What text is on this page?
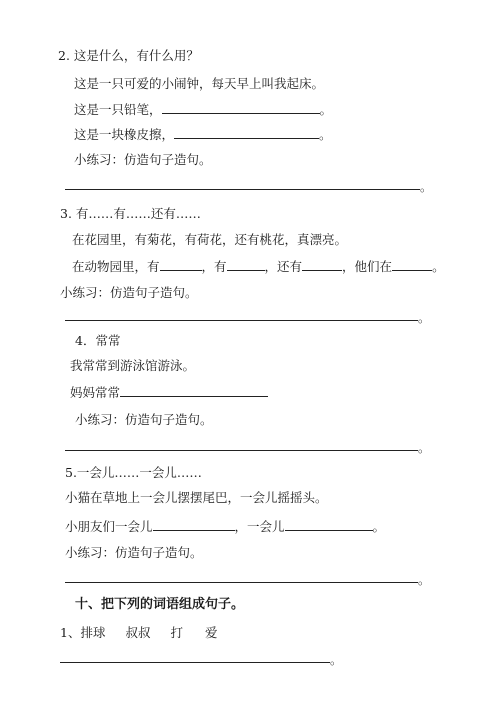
2. 这是什么，有什么用？
这是一只可爱的小闹钟，每天早上叫我起床。
这是一只铅笔，	。
这是一块橡皮擦，	。
小练习：仿造句子造句。
。
3. 有……有……还有……
在花园里，有菊花，有荷花，还有桃花，真漂亮。
在动物园里，有	，有	，还有	，他们在	。
小练习：仿造句子造句。
。
4．常常
我常常到游泳馆游泳。
妈妈常常
小练习：仿造句子造句。
。
5.一会儿……一会儿……
小猫在草地上一会儿摆摆尾巴，一会儿摇摇头。
小朋友们一会儿	，一会儿	。
小练习：仿造句子造句。
。
十、把下列的词语组成句子。
1、排球 叔叔 打 爱
。
